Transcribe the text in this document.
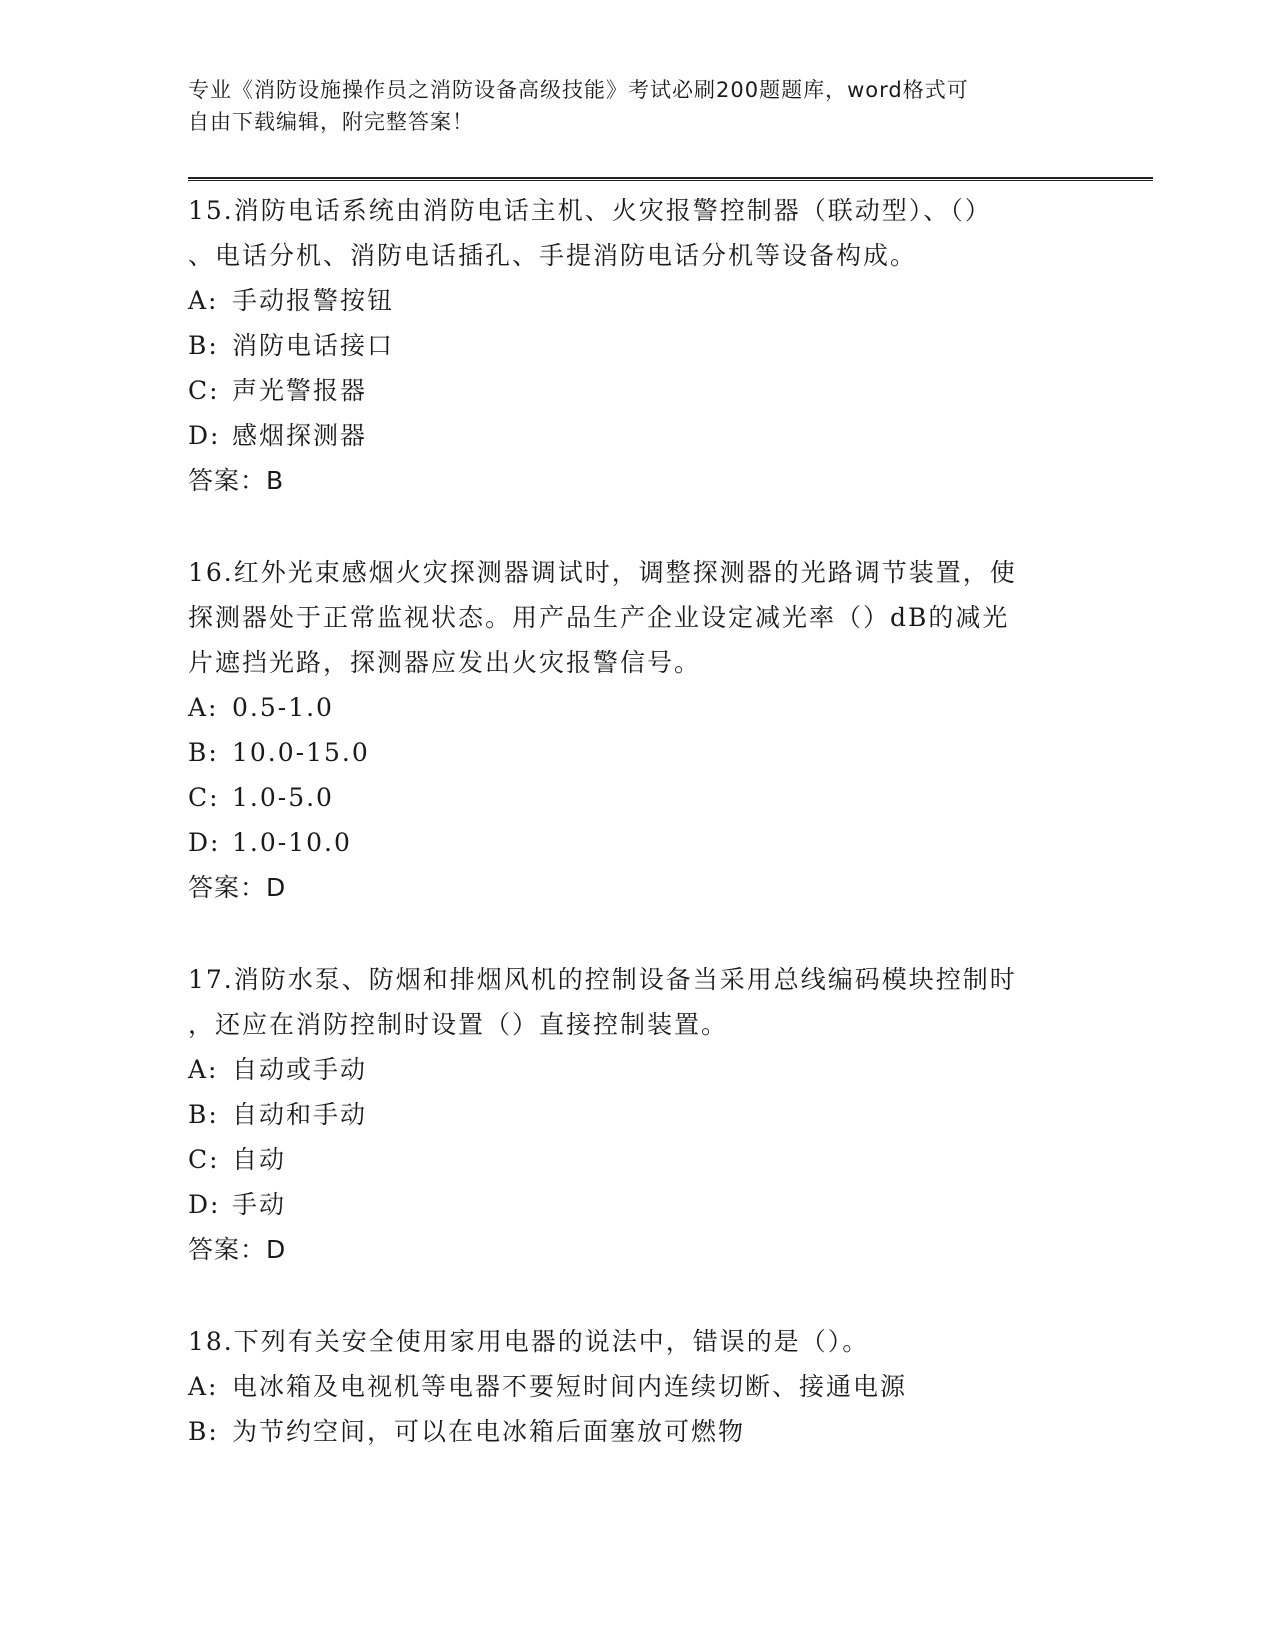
专业《消防设施操作员之消防设备高级技能》考试必刷200题题库，word格式可
自由下载编辑，附完整答案！

15.消防电话系统由消防电话主机、火灾报警控制器（联动型）、（）

、电话分机、消防电话插孔、手提消防电话分机等设备构成。

A: 手动报警按钮
B: 消防电话接口
C: 声光警报器
D: 感烟探测器
答案：B

16.红外光束感烟火灾探测器调试时，调整探测器的光路调节装置，使

探测器处于正常监视状态。用产品生产企业设定减光率（）dB的减光

片遮挡光路，探测器应发出火灾报警信号。

A: 0.5-1.0
B: 10.0-15.0
C: 1.0-5.0
D: 1.0-10.0
答案：D

17.消防水泵、防烟和排烟风机的控制设备当采用总线编码模块控制时

，还应在消防控制时设置（）直接控制装置。

A: 自动或手动
B: 自动和手动
C: 自动
D: 手动
答案：D

18.下列有关安全使用家用电器的说法中，错误的是（）。

A: 电冰箱及电视机等电器不要短时间内连续切断、接通电源
B: 为节约空间，可以在电冰箱后面塞放可燃物
